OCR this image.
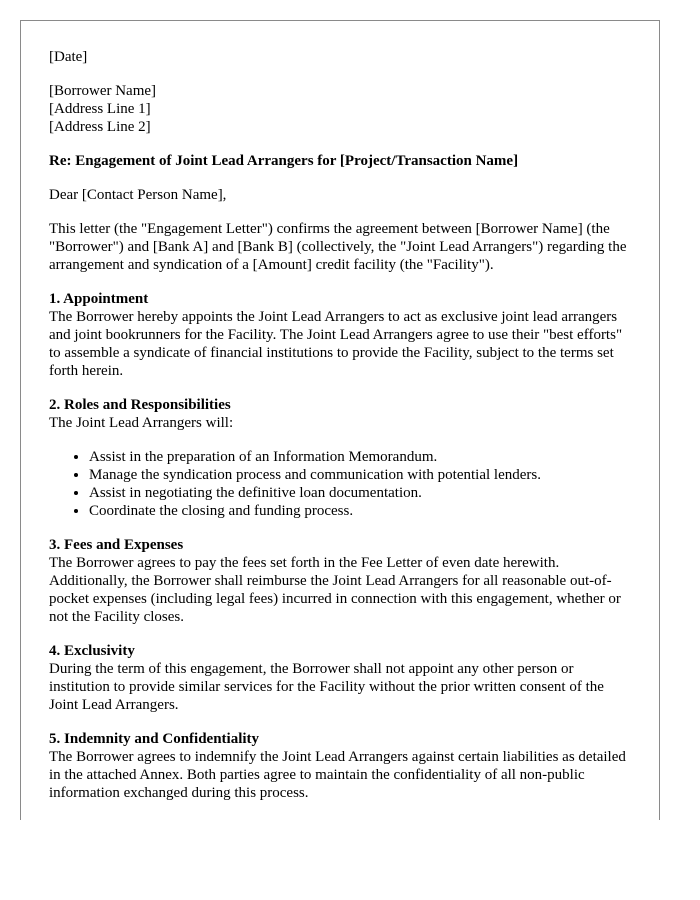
[Date]

[Borrower Name]
[Address Line 1]
[Address Line 2]

Re: Engagement of Joint Lead Arrangers for [Project/Transaction Name]

Dear [Contact Person Name],

This letter (the "Engagement Letter") confirms the agreement between [Borrower Name] (the "Borrower") and [Bank A] and [Bank B] (collectively, the "Joint Lead Arrangers") regarding the arrangement and syndication of a [Amount] credit facility (the "Facility").

1. Appointment
The Borrower hereby appoints the Joint Lead Arrangers to act as exclusive joint lead arrangers and joint bookrunners for the Facility. The Joint Lead Arrangers agree to use their "best efforts" to assemble a syndicate of financial institutions to provide the Facility, subject to the terms set forth herein.
2. Roles and Responsibilities
The Joint Lead Arrangers will:
• Assist in the preparation of an Information Memorandum.
• Manage the syndication process and communication with potential lenders.
• Assist in negotiating the definitive loan documentation.
• Coordinate the closing and funding process.
3. Fees and Expenses
The Borrower agrees to pay the fees set forth in the Fee Letter of even date herewith. Additionally, the Borrower shall reimburse the Joint Lead Arrangers for all reasonable out-of-pocket expenses (including legal fees) incurred in connection with this engagement, whether or not the Facility closes.
4. Exclusivity
During the term of this engagement, the Borrower shall not appoint any other person or institution to provide similar services for the Facility without the prior written consent of the Joint Lead Arrangers.
5. Indemnity and Confidentiality
The Borrower agrees to indemnify the Joint Lead Arrangers against certain liabilities as detailed in the attached Annex. Both parties agree to maintain the confidentiality of all non-public information exchanged during this process.
